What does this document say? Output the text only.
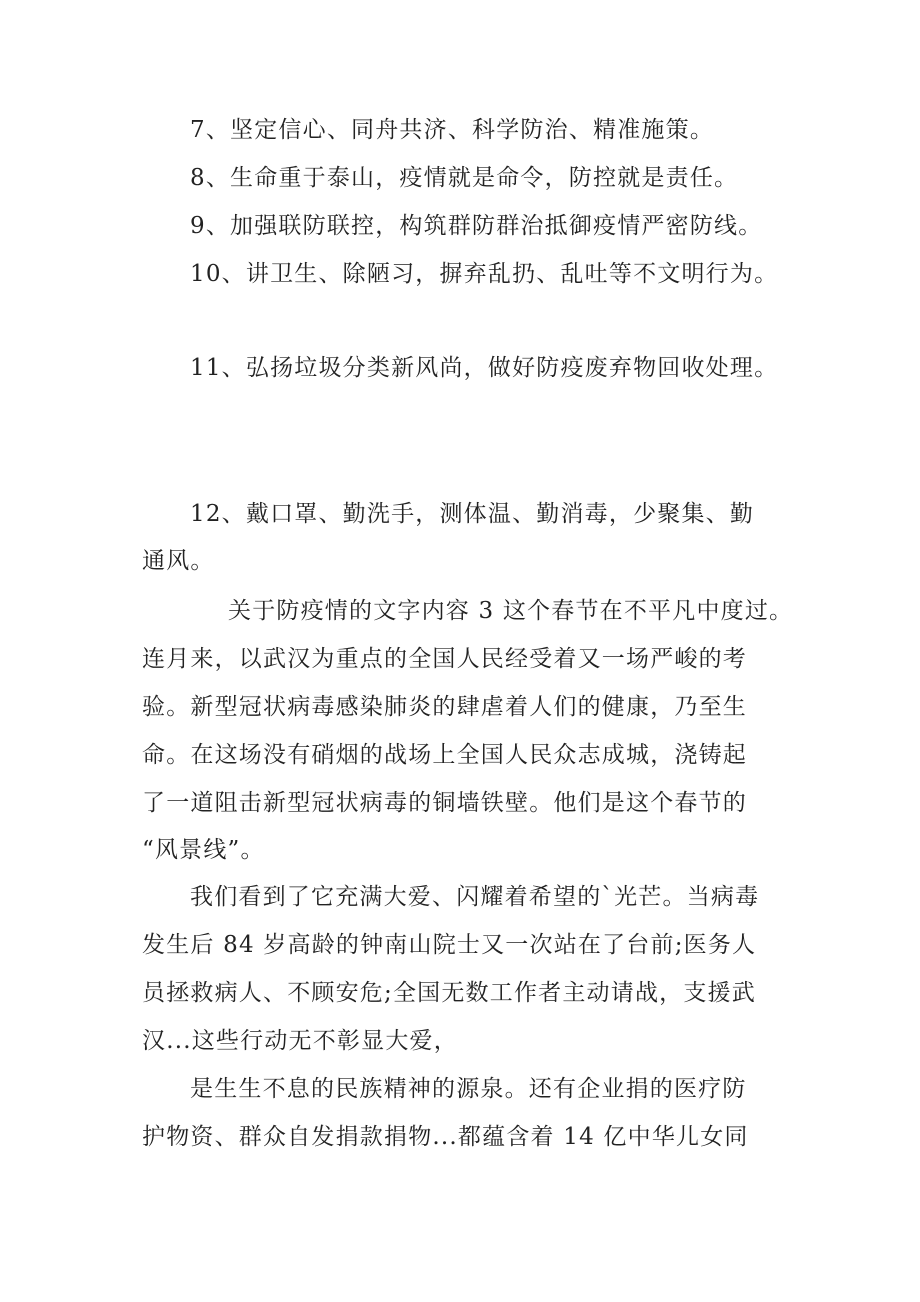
7、坚定信心、同舟共济、科学防治、精准施策。
8、生命重于泰山，疫情就是命令，防控就是责任。
9、加强联防联控，构筑群防群治抵御疫情严密防线。
10、讲卫生、除陋习，摒弃乱扔、乱吐等不文明行为。
11、弘扬垃圾分类新风尚，做好防疫废弃物回收处理。
12、戴口罩、勤洗手，测体温、勤消毒，少聚集、勤
通风。
关于防疫情的文字内容 3 这个春节在不平凡中度过。
连月来，以武汉为重点的全国人民经受着又一场严峻的考
验。新型冠状病毒感染肺炎的肆虐着人们的健康，乃至生
命。在这场没有硝烟的战场上全国人民众志成城，浇铸起
了一道阻击新型冠状病毒的铜墙铁壁。他们是这个春节的
“风景线”。
我们看到了它充满大爱、闪耀着希望的`光芒。当病毒
发生后 84 岁高龄的钟南山院士又一次站在了台前;医务人
员拯救病人、不顾安危;全国无数工作者主动请战，支援武
汉...这些行动无不彰显大爱，
是生生不息的民族精神的源泉。还有企业捐的医疗防
护物资、群众自发捐款捐物...都蕴含着 14 亿中华儿女同
